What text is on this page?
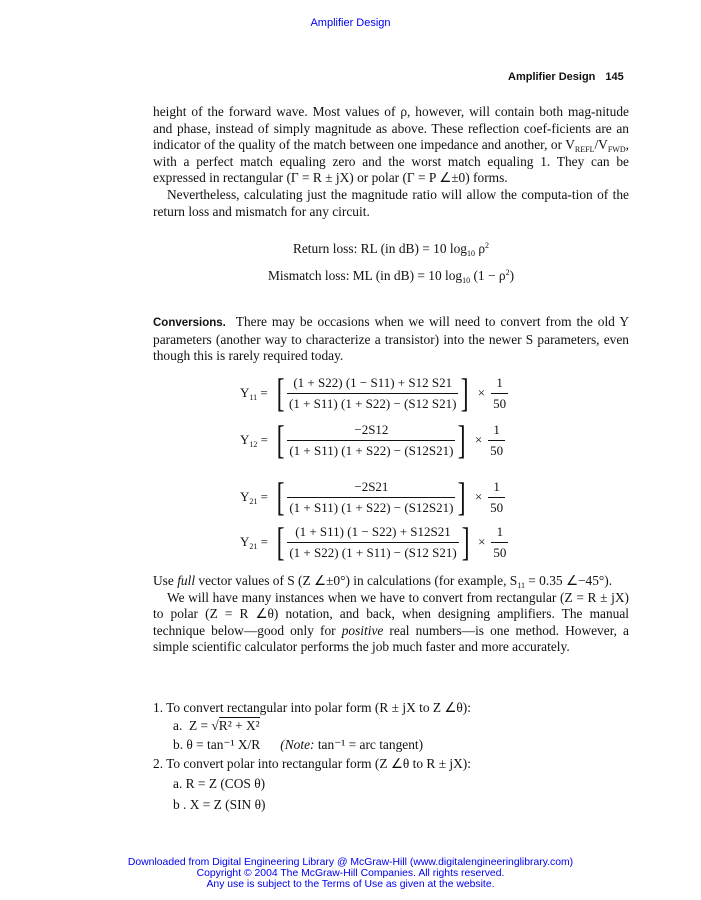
Amplifier Design
Amplifier Design 145

height of the forward wave. Most values of ρ, however, will contain both mag-nitude and phase, instead of simply magnitude as above. These reflection coef-ficients are an indicator of the quality of the match between one impedance and another, or $V_{REFL}/V_{FWD}$, with a perfect match equaling zero and the worst match equaling 1. They can be expressed in rectangular (Γ = R ± jX) or polar (Γ = P ∠±0) forms.

Nevertheless, calculating just the magnitude ratio will allow the computa-tion of the return loss and mismatch for any circuit.

Return loss: RL (in dB) = 10 $\log_{10} \rho^2$
Mismatch loss: ML (in dB) = 10 $\log_{10} (1 - \rho^2)$

Conversions. There may be occasions when we will need to convert from the old Y parameters (another way to characterize a transistor) into the newer S parameters, even though this is rarely required today.

$Y_{11}$ = [ $\frac{(1 + S22) (1 - S11) + S12 S21}{(1 + S11) (1 + S22) - (S12 S21)}$ ] × $\frac{1}{50}$
$Y_{12}$ = [ $\frac{-2S12}{(1 + S11) (1 + S22) - (S12S21)}$ ] × $\frac{1}{50}$
$Y_{21}$ = [ $\frac{-2S21}{(1 + S11) (1 + S22) - (S12S21)}$ ] × $\frac{1}{50}$
$Y_{21}$ = [ $\frac{(1 + S11) (1 - S22) + S12S21}{(1 + S22) (1 + S11) - (S12 S21)}$ ] × $\frac{1}{50}$

Use full vector values of S (Z ∠±0°) in calculations (for example, $S_{11} = 0.35$ ∠−45°).

We will have many instances when we have to convert from rectangular (Z = R ± jX) to polar (Z = R ∠θ) notation, and back, when designing amplifiers. The manual technique below—good only for positive real numbers—is one method. However, a simple scientific calculator performs the job much faster and more accurately.

1. To convert rectangular into polar form (R ± jX to Z ∠θ):
a. Z = √R² + X²
b. θ = tan⁻¹ X/R (Note: tan⁻¹ = arc tangent)
2. To convert polar into rectangular form (Z ∠θ to R ± jX):
a. R = Z (COS θ)
b . X = Z (SIN θ)
Downloaded from Digital Engineering Library @ McGraw-Hill (www.digitalengineeringlibrary.com)
Copyright © 2004 The McGraw-Hill Companies. All rights reserved.
Any use is subject to the Terms of Use as given at the website.
